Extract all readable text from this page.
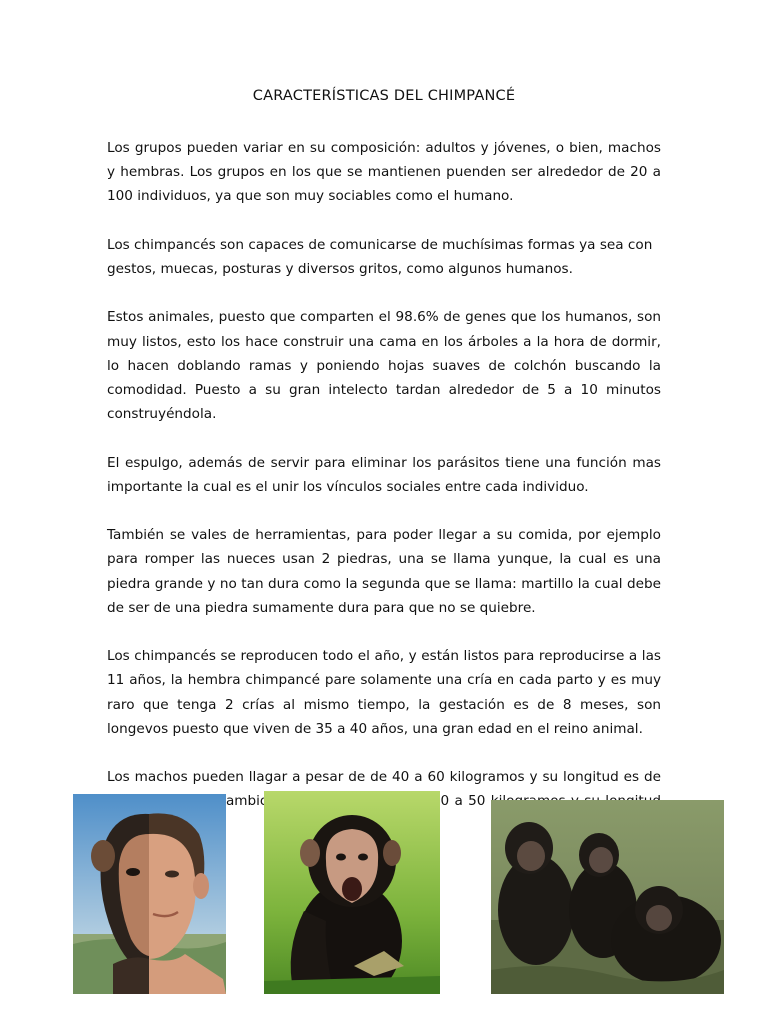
CARACTERÍSTICAS DEL CHIMPANCÉ

Los grupos pueden variar en su composición: adultos y jóvenes, o bien, machos y hembras. Los grupos en los que se mantienen puenden ser alrededor de 20 a 100 individuos, ya que son muy sociables como el humano.

Los chimpancés son capaces de comunicarse de muchísimas formas ya sea con gestos, muecas, posturas y diversos gritos, como algunos humanos.

Estos animales, puesto que comparten el 98.6% de genes que los humanos, son muy listos, esto los hace construir una cama en los árboles a la hora de dormir, lo hacen doblando ramas y poniendo hojas suaves de colchón buscando la comodidad. Puesto a su gran intelecto tardan alrededor de 5 a 10 minutos construyéndola.

El espulgo, además de servir para eliminar los parásitos tiene una función mas importante la cual es el unir los vínculos sociales entre cada individuo.

También se vales de herramientas, para poder llegar a su comida, por ejemplo para romper las nueces usan 2 piedras, una se llama yunque, la cual es una piedra grande y no tan dura como la segunda que se llama: martillo la cual debe de ser de una piedra sumamente dura para que no se quiebre.

Los chimpancés se reproducen todo el año, y están listos para reproducirse a las 11 años, la hembra chimpancé pare solamente una cría en cada parto y es muy raro que tenga 2 crías al mismo tiempo, la gestación es de 8 meses, son longevos puesto que viven de 35 a 40 años, una gran edad en el reino animal.

Los machos pueden llagar a pesar de de 40 a 60 kilogramos y su longitud es de cambio 30 a 50
